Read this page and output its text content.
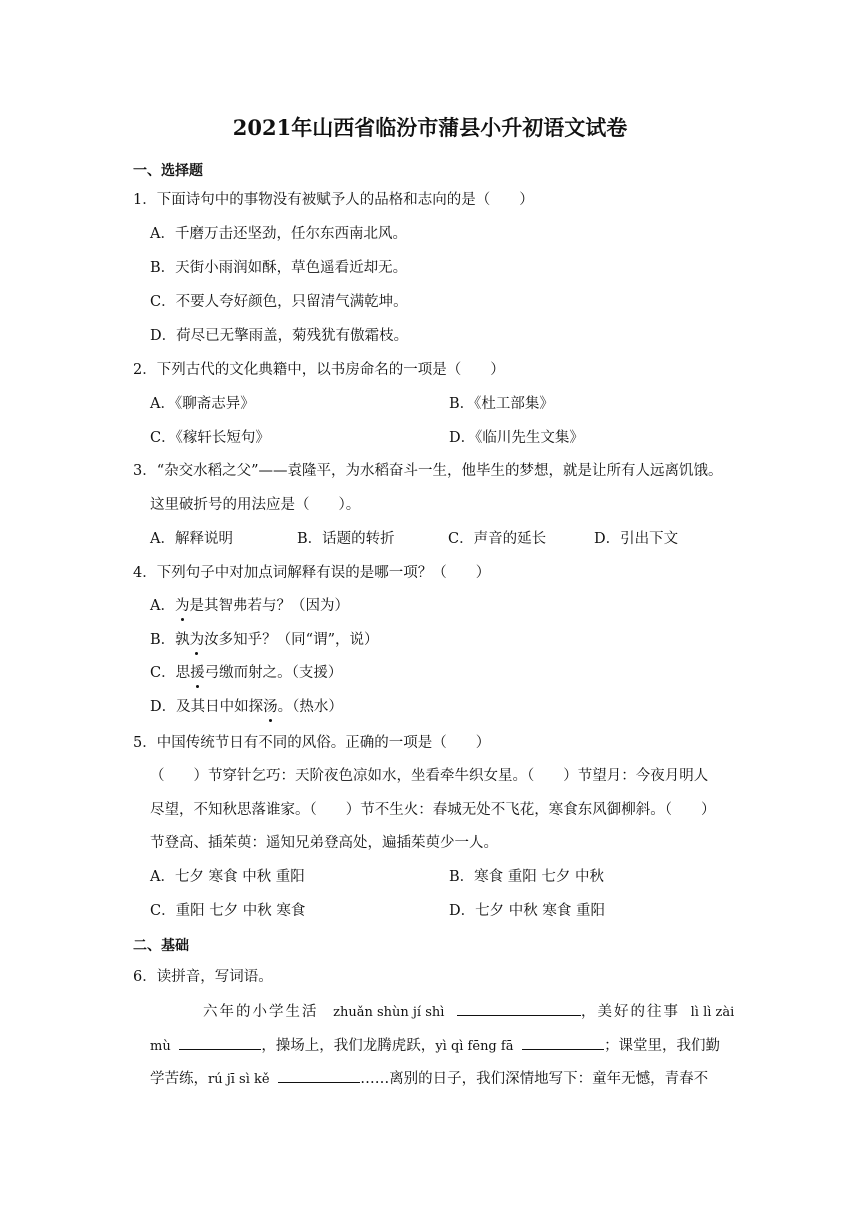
2021年山西省临汾市蒲县小升初语文试卷
一、选择题
1．下面诗句中的事物没有被赋予人的品格和志向的是（　　）
A．千磨万击还坚劲，任尔东西南北风。
B．天街小雨润如酥，草色遥看近却无。
C．不要人夸好颜色，只留清气满乾坤。
D．荷尽已无擎雨盖，菊残犹有傲霜枝。
2．下列古代的文化典籍中，以书房命名的一项是（　　）
A．《聊斋志异》	B．《杜工部集》
C．《稼轩长短句》	D．《临川先生文集》
3．“杂交水稻之父”——袁隆平，为水稻奋斗一生，他毕生的梦想，就是让所有人远离饥饿。
这里破折号的用法应是（　　）。
A．解释说明	B．话题的转折	C．声音的延长	D．引出下文
4．下列句子中对加点词解释有误的是哪一项？（　　）
A．为是其智弗若与？（因为）
B．孰为汝多知乎？（同“谓”，说）
C．思援弓缴而射之。（支援）
D．及其日中如探汤。（热水）
5．中国传统节日有不同的风俗。正确的一项是（　　）
（　　）节穿针乞巧：天阶夜色凉如水，坐看牵牛织女星。（　　）节望月：今夜月明人
尽望，不知秋思落谁家。（　　）节不生火：春城无处不飞花，寒食东风御柳斜。（　　）
节登高、插茱萸：遥知兄弟登高处，遍插茱萸少一人。
A．七夕 寒食 中秋 重阳	B．寒食 重阳 七夕 中秋
C．重阳 七夕 中秋 寒食	D．七夕 中秋 寒食 重阳
二、基础
6．读拼音，写词语。
六年的小学生活 zhuǎn shùn jí shì	，美好的往事 lì lì zài
mù	，操场上，我们龙腾虎跃，yì qì fēng fā	；课堂里，我们勤
学苦练，rú jī sì kě	……离别的日子，我们深情地写下：童年无憾，青春不
